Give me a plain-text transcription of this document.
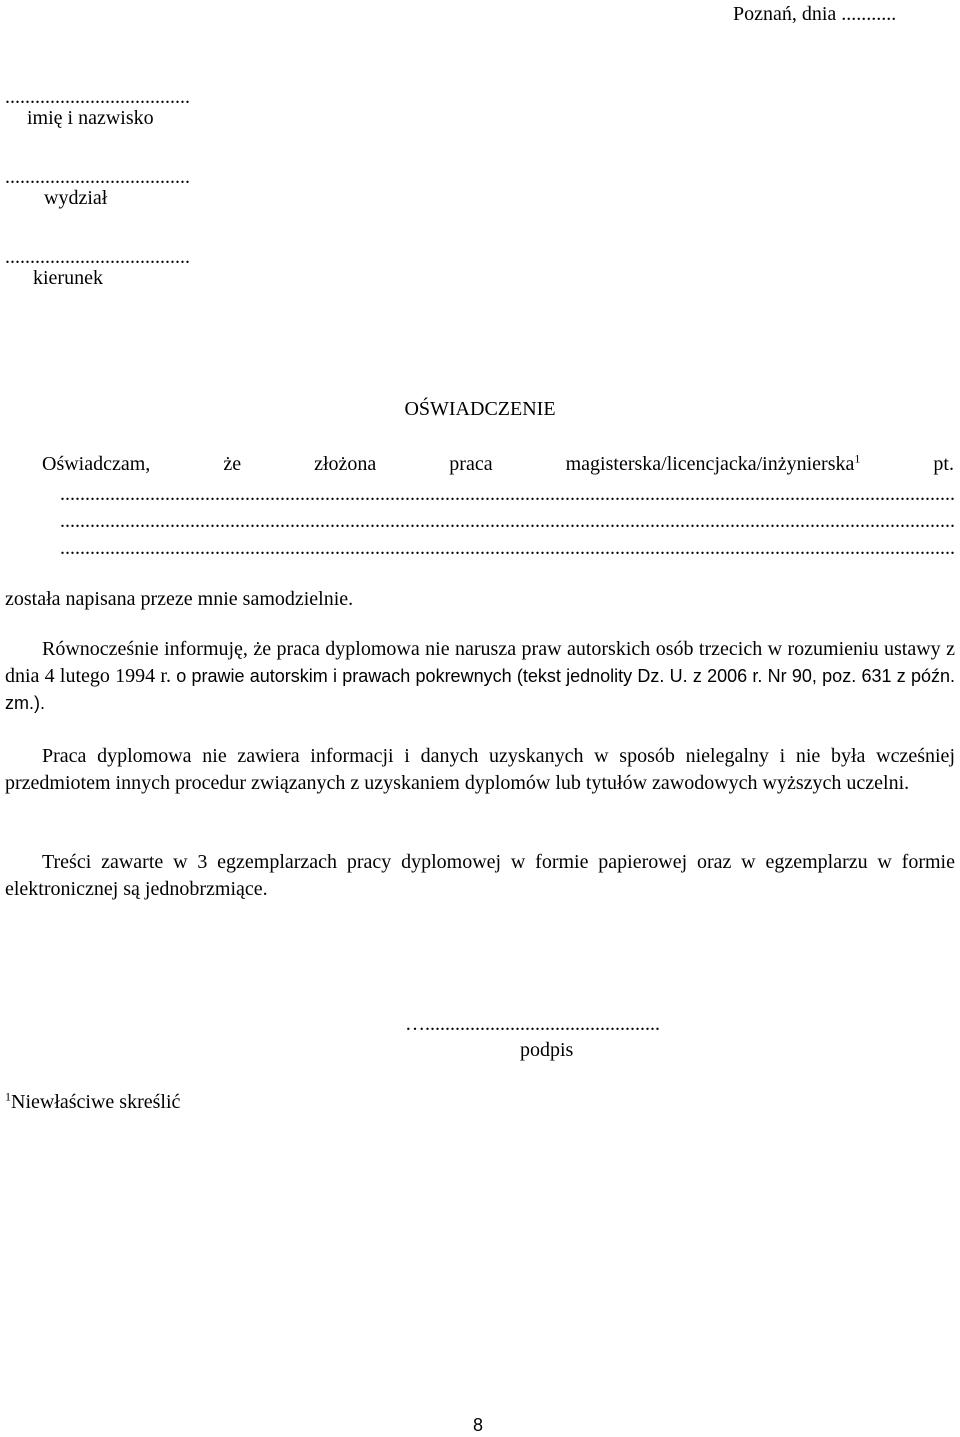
Poznań, dnia ...........
.....................................
imię i nazwisko
.....................................
wydział
.....................................
kierunek
OŚWIADCZENIE
Oświadczam,	że	złożona	praca	magisterska/licencjacka/inżynierska$^1$	pt.
...................................................................................................................................................................................
...................................................................................................................................................................................
...................................................................................................................................................................................
została napisana przeze mnie samodzielnie.
Równocześnie informuję, że praca dyplomowa nie narusza praw autorskich osób trzecich w rozumieniu ustawy z dnia 4 lutego 1994 r. o prawie autorskim i prawach pokrewnych (tekst jednolity Dz. U. z 2006 r. Nr 90, poz. 631 z późn. zm.).
Praca dyplomowa nie zawiera informacji i danych uzyskanych w sposób nielegalny i nie była wcześniej przedmiotem innych procedur związanych z uzyskaniem dyplomów lub tytułów zawodowych wyższych uczelni.
Treści zawarte w 3 egzemplarzach pracy dyplomowej w formie papierowej oraz w egzemplarzu w formie elektronicznej są jednobrzmiące.
…...............................................
podpis
$^1$Niewłaściwe skreślić
8
